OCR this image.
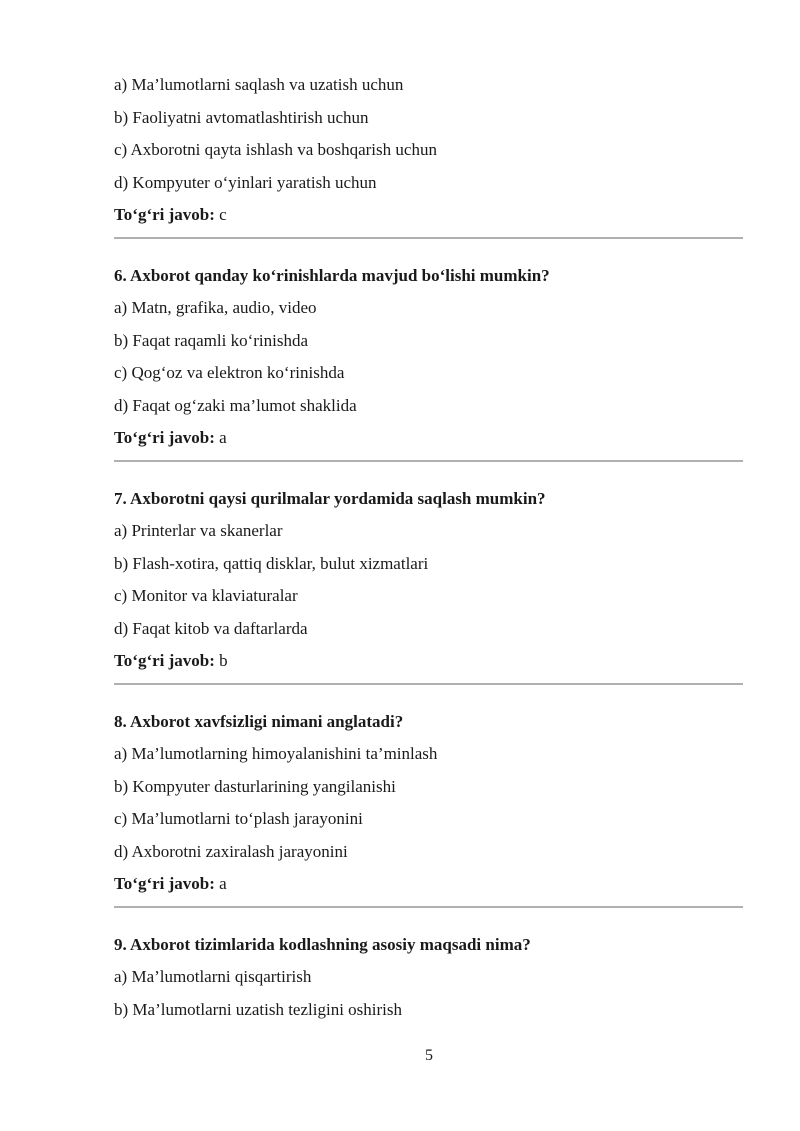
a) Ma’lumotlarni saqlash va uzatish uchun
b) Faoliyatni avtomatlashtirish uchun
c) Axborotni qayta ishlash va boshqarish uchun
d) Kompyuter o‘yinlari yaratish uchun
To‘g‘ri javob: c
6. Axborot qanday ko‘rinishlarda mavjud bo‘lishi mumkin?
a) Matn, grafika, audio, video
b) Faqat raqamli ko‘rinishda
c) Qog‘oz va elektron ko‘rinishda
d) Faqat og‘zaki ma’lumot shaklida
To‘g‘ri javob: a
7. Axborotni qaysi qurilmalar yordamida saqlash mumkin?
a) Printerlar va skanerlar
b) Flash-xotira, qattiq disklar, bulut xizmatlari
c) Monitor va klaviaturalar
d) Faqat kitob va daftarlarda
To‘g‘ri javob: b
8. Axborot xavfsizligi nimani anglatadi?
a) Ma’lumotlarning himoyalanishini ta’minlash
b) Kompyuter dasturlarining yangilanishi
c) Ma’lumotlarni to‘plash jarayonini
d) Axborotni zaxiralash jarayonini
To‘g‘ri javob: a
9. Axborot tizimlarida kodlashning asosiy maqsadi nima?
a) Ma’lumotlarni qisqartirish
b) Ma’lumotlarni uzatish tezligini oshirish
5
